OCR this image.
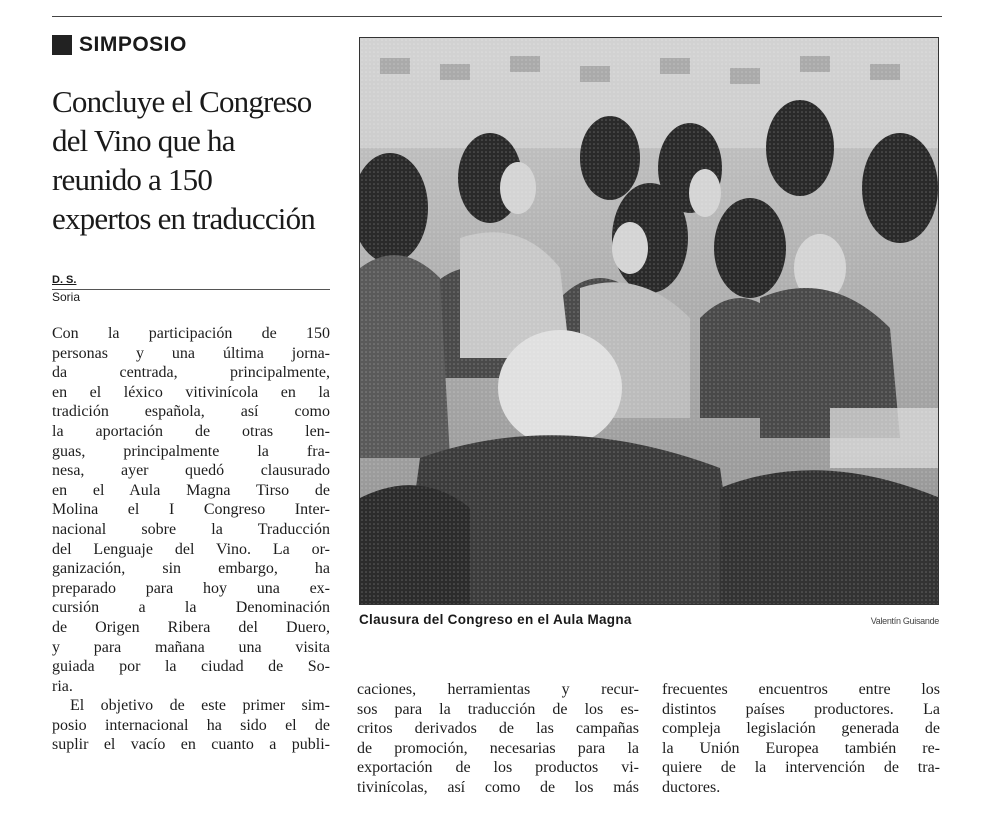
SIMPOSIO
Concluye el Congreso
del Vino que ha
reunido a 150
expertos en traducción
D. S.
Soria

Con la participación de 150
personas y una última jorna-
da centrada, principalmente,
en el léxico vitivinícola en la
tradición española, así como
la aportación de otras len-
guas, principalmente la fra-
nesa, ayer quedó clausurado
en el Aula Magna Tirso de
Molina el I Congreso Inter-
nacional sobre la Traducción
del Lenguaje del Vino. La or-
ganización, sin embargo, ha
preparado para hoy una ex-
cursión a la Denominación
de Origen Ribera del Duero,
y para mañana una visita
guiada por la ciudad de So-
ria.

El objetivo de este primer sim-
posio internacional ha sido el de
suplir el vacío en cuanto a publi-

Clausura del Congreso en el Aula Magna	Valentín Guisande

caciones, herramientas y recur-
sos para la traducción de los es-
critos derivados de las campañas
de promoción, necesarias para la
exportación de los productos vi-
tivinícolas, así como de los más

frecuentes encuentros entre los
distintos países productores. La
compleja legislación generada de
la Unión Europea también re-
quiere de la intervención de tra-
ductores.
